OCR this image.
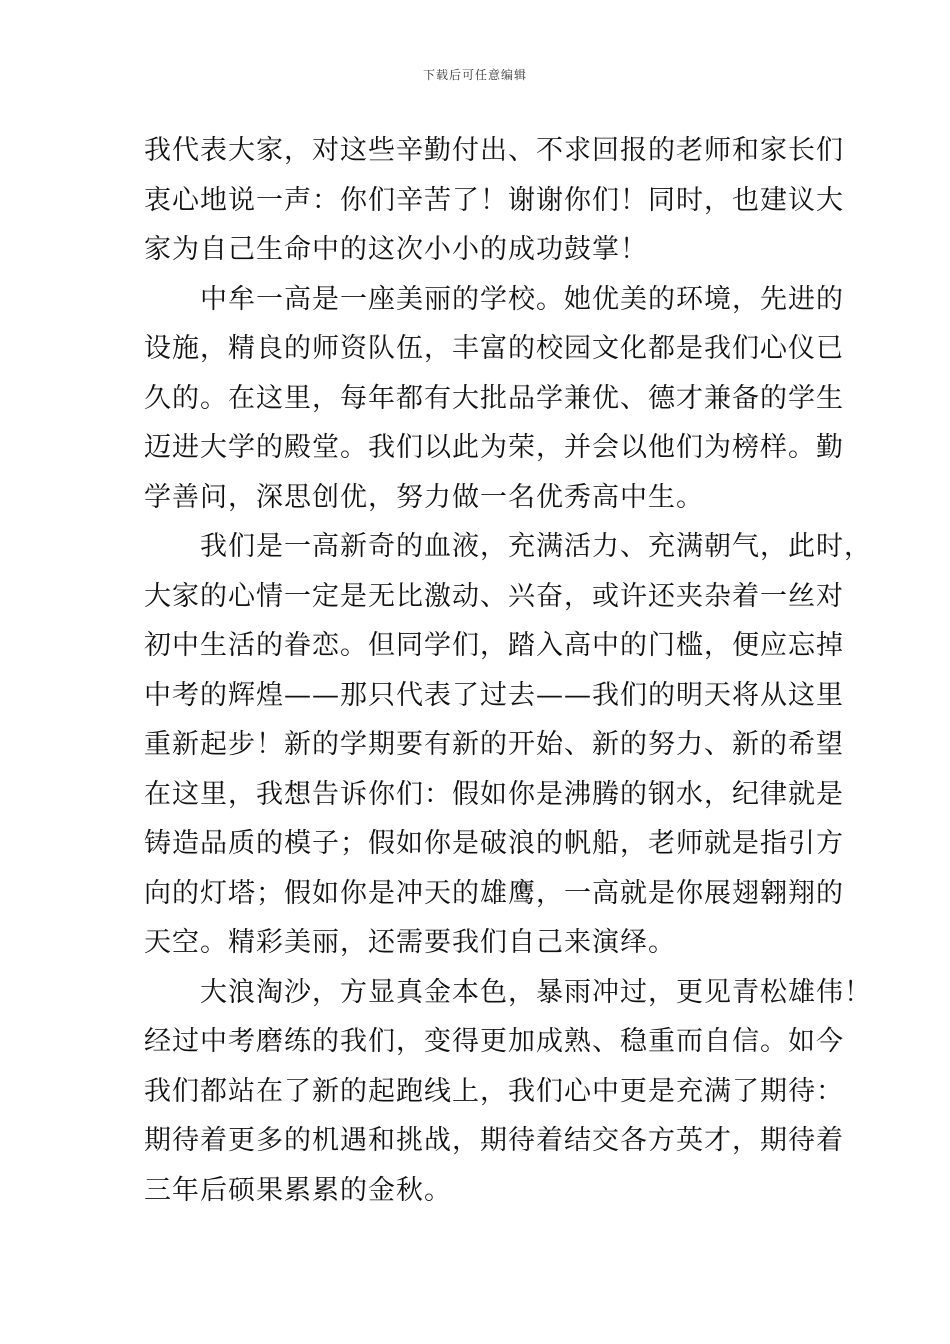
下载后可任意编辑
我代表大家，对这些辛勤付出、不求回报的老师和家长们
衷心地说一声：你们辛苦了！谢谢你们！同时，也建议大
家为自己生命中的这次小小的成功鼓掌！
　　中牟一高是一座美丽的学校。她优美的环境，先进的
设施，精良的师资队伍，丰富的校园文化都是我们心仪已
久的。在这里，每年都有大批品学兼优、德才兼备的学生
迈进大学的殿堂。我们以此为荣，并会以他们为榜样。勤
学善问，深思创优，努力做一名优秀高中生。
　　我们是一高新奇的血液，充满活力、充满朝气，此时，
大家的心情一定是无比激动、兴奋，或许还夹杂着一丝对
初中生活的眷恋。但同学们，踏入高中的门槛，便应忘掉
中考的辉煌——那只代表了过去——我们的明天将从这里
重新起步！新的学期要有新的开始、新的努力、新的希望
在这里，我想告诉你们：假如你是沸腾的钢水，纪律就是
铸造品质的模子；假如你是破浪的帆船，老师就是指引方
向的灯塔；假如你是冲天的雄鹰，一高就是你展翅翱翔的
天空。精彩美丽，还需要我们自己来演绎。
　　大浪淘沙，方显真金本色，暴雨冲过，更见青松雄伟！
经过中考磨练的我们，变得更加成熟、稳重而自信。如今
我们都站在了新的起跑线上，我们心中更是充满了期待：
期待着更多的机遇和挑战，期待着结交各方英才，期待着
三年后硕果累累的金秋。
